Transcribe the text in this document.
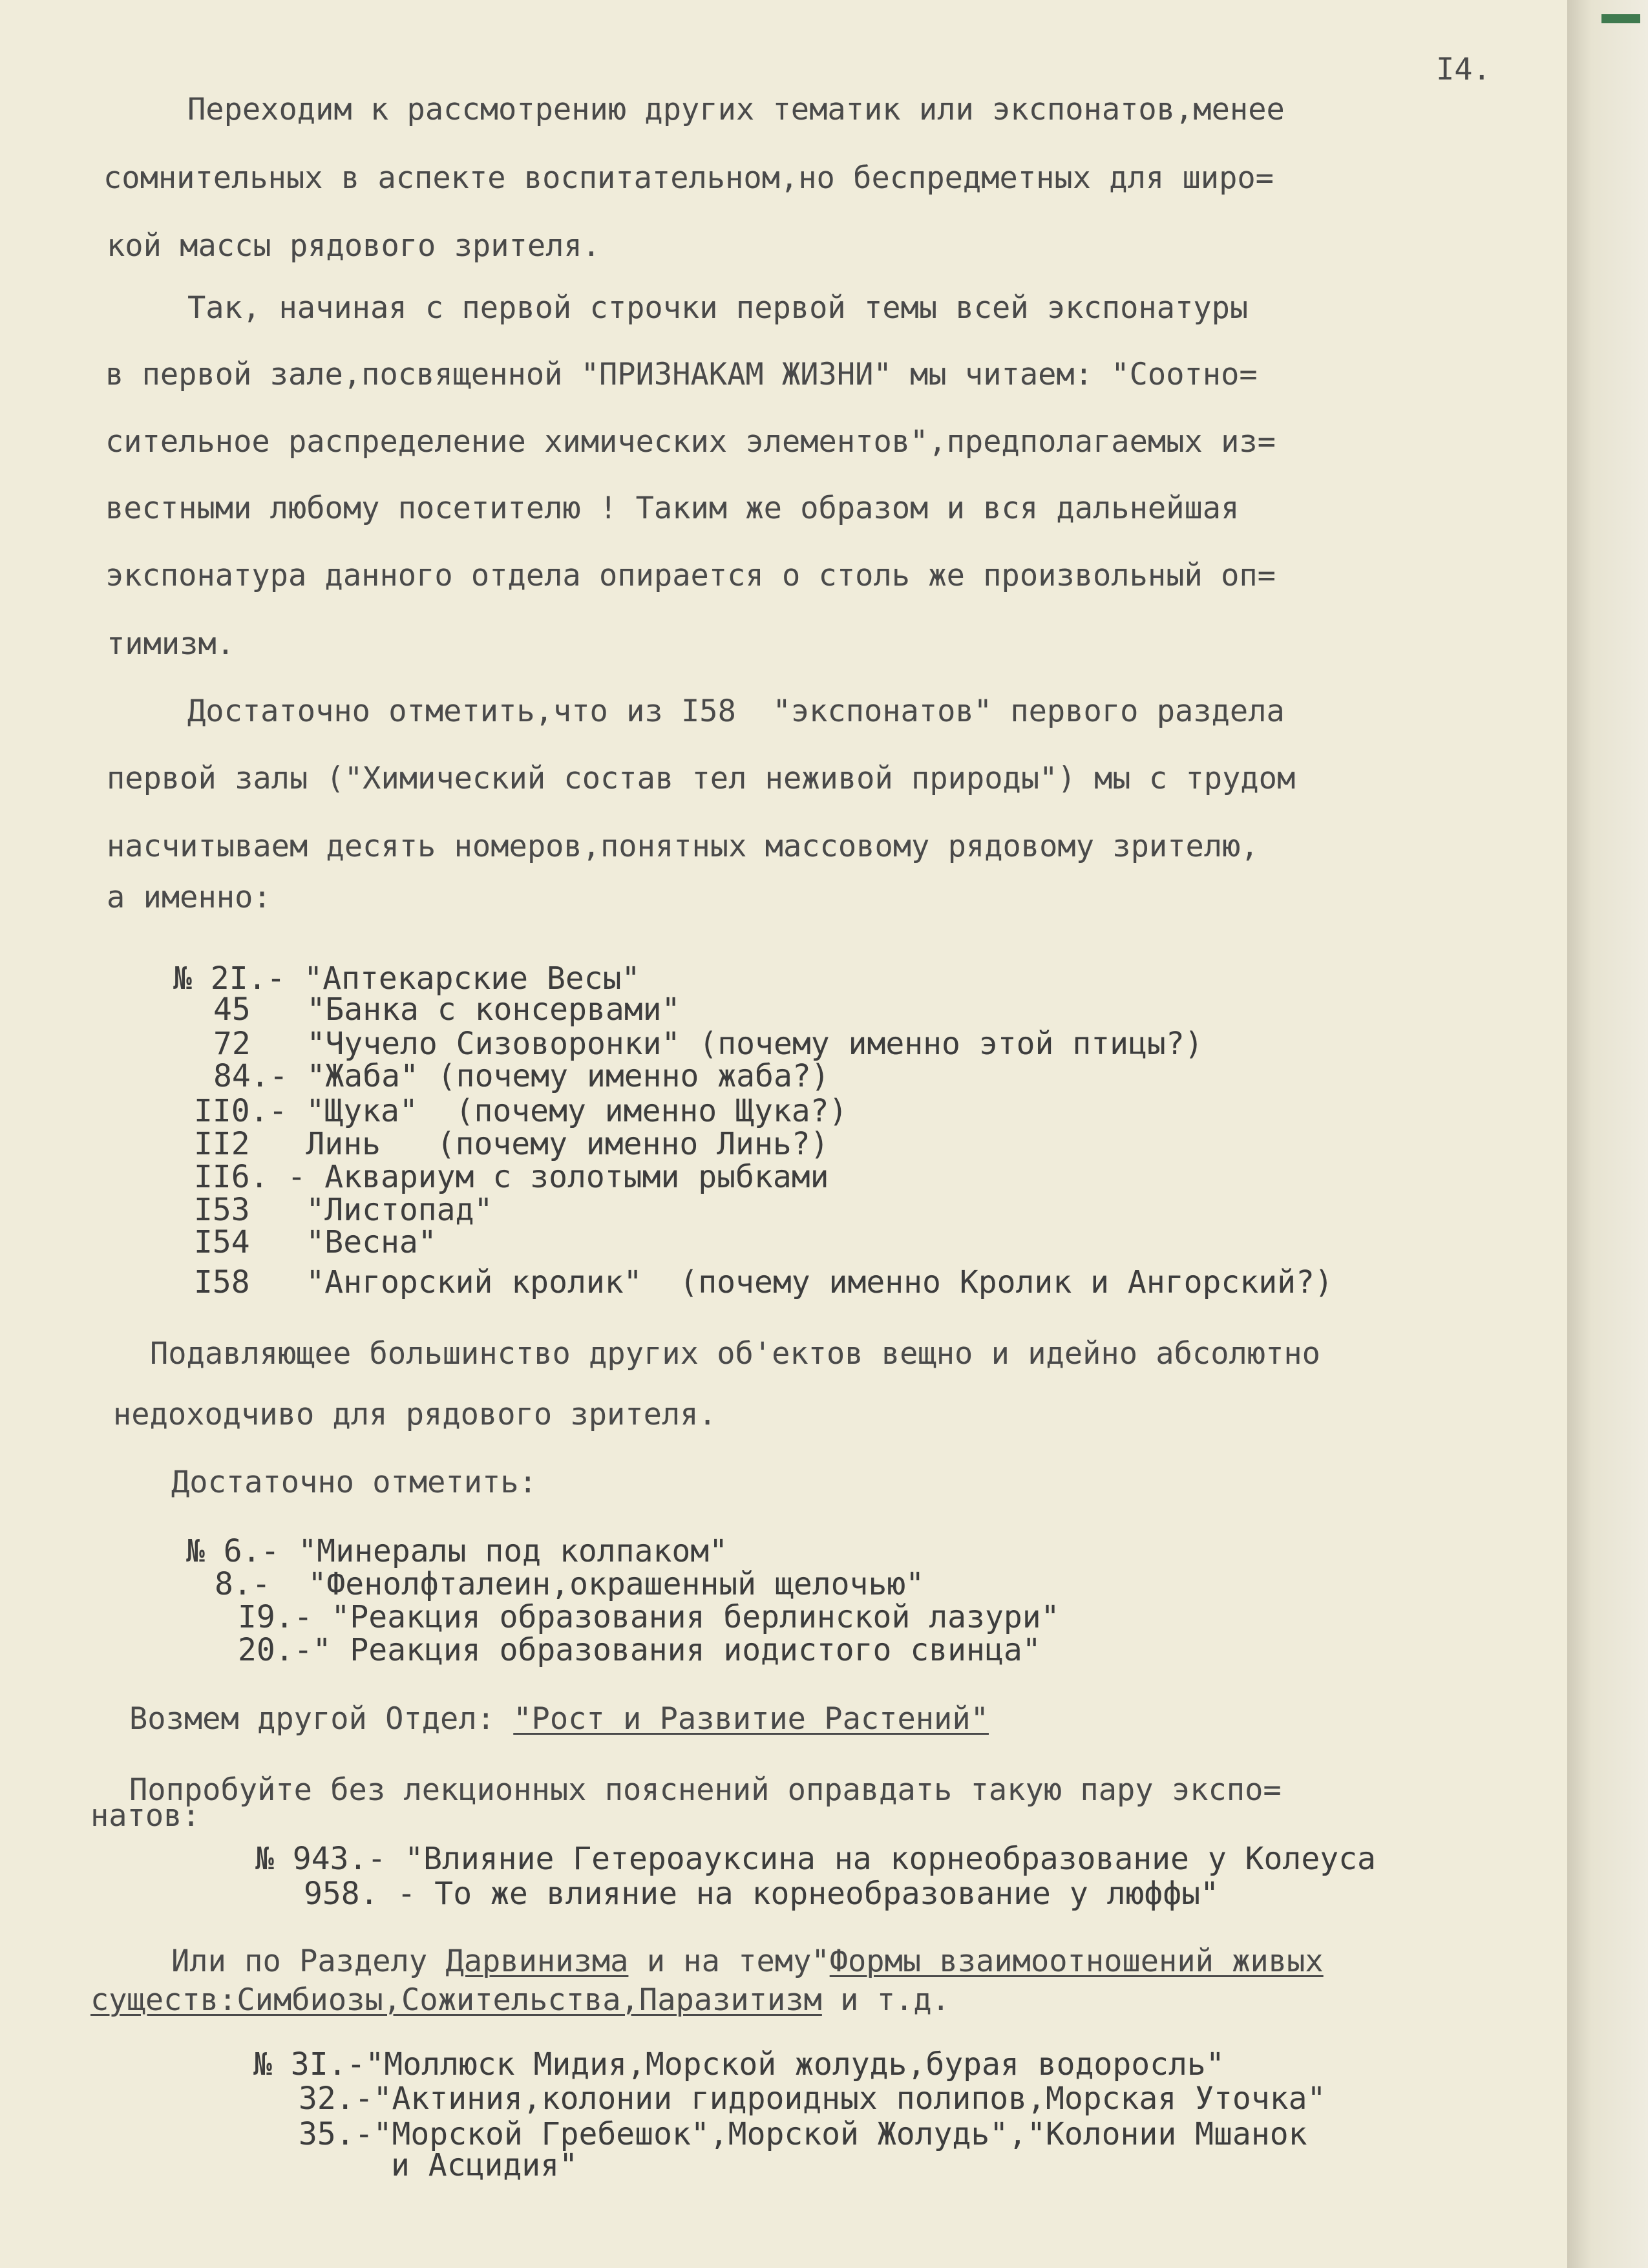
I4.

Переходим к рассмотрению других тематик или экспонатов,менее

сомнительных в аспекте воспитательном,но беспредметных для широ=

кой массы рядового зрителя.

Так, начиная с первой строчки первой темы всей экспонатуры

в первой зале,посвященной "ПРИЗНАКАМ ЖИЗНИ" мы читаем: "Соотно=

сительное распределение химических элементов",предполагаемых из=

вестными любому посетителю ! Таким же образом и вся дальнейшая

экспонатура данного отдела опирается о столь же произвольный оп=

тимизм.

Достаточно отметить,что из I58  "экспонатов" первого раздела

первой залы ("Химический состав тел неживой природы") мы с трудом

насчитываем десять номеров,понятных массовому рядовому зрителю,

а именно:

№ 2I.- "Аптекарские Весы"

45   "Банка с консервами"

72   "Чучело Сизоворонки" (почему именно этой птицы?)

84.- "Жаба" (почему именно жаба?)

II0.- "Щука"  (почему именно Щука?)

II2   Линь   (почему именно Линь?)

II6. - Аквариум с золотыми рыбками

I53   "Листопад"

I54   "Весна"

I58   "Ангорский кролик"  (почему именно Кролик и Ангорский?)

Подавляющее большинство других об'ектов вещно и идейно абсолютно

недоходчиво для рядового зрителя.

Достаточно отметить:

№ 6.- "Минералы под колпаком"

8.-  "Фенолфталеин,окрашенный щелочью"

I9.- "Реакция образования берлинской лазури"

20.-" Реакция образования иодистого свинца"

Возмем другой Отдел: "Рост и Развитие Растений"

Попробуйте без лекционных пояснений оправдать такую пару экспо=

натов:

№ 943.- "Влияние Гетероауксина на корнеобразование у Колеуса

958. - То же влияние на корнеобразование у люффы"

Или по Разделу Дарвинизма и на тему"Формы взаимоотношений живых

существ:Симбиозы,Сожительства,Паразитизм и т.д.

№ 3I.-"Моллюск Мидия,Морской жолудь,бурая водоросль"

32.-"Актиния,колонии гидроидных полипов,Морская Уточка"

35.-"Морской Гребешок",Морской Жолудь","Колонии Мшанок

и Асцидия"
